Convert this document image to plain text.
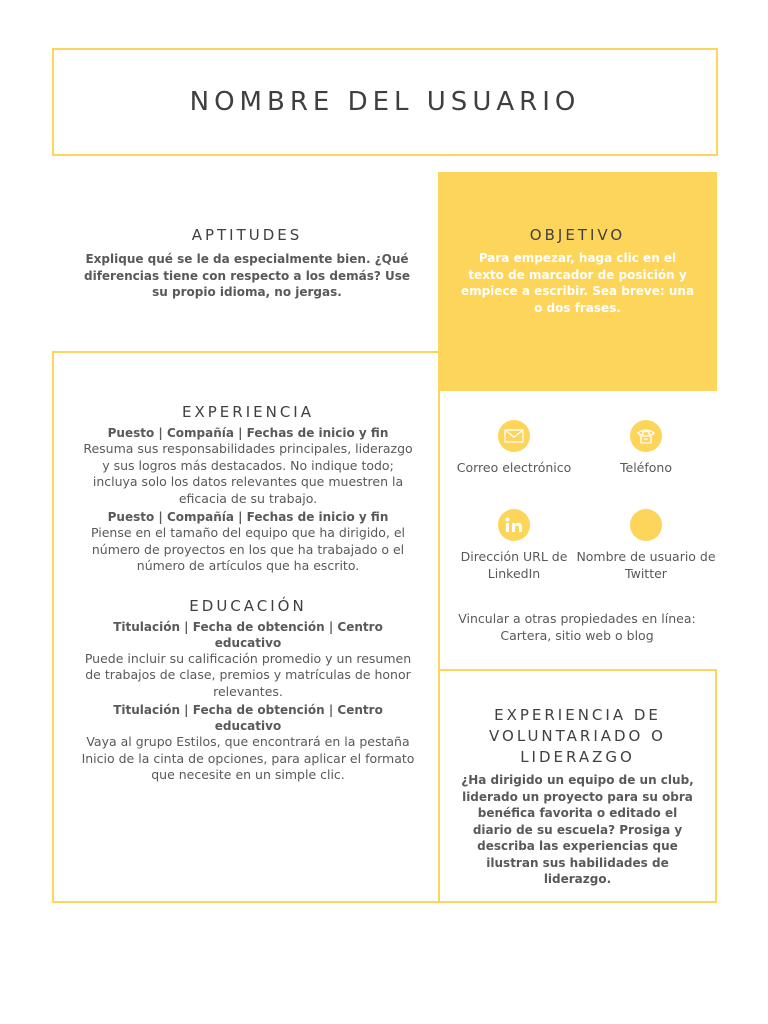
NOMBRE DEL USUARIO
APTITUDES

Explique qué se le da especialmente bien. ¿Qué diferencias tiene con respecto a los demás? Use su propio idioma, no jergas.

OBJETIVO

Para empezar, haga clic en el texto de marcador de posición y empiece a escribir. Sea breve: una o dos frases.

EXPERIENCIA

Puesto | Compañía | Fechas de inicio y fin

Resuma sus responsabilidades principales, liderazgo y sus logros más destacados. No indique todo; incluya solo los datos relevantes que muestren la eficacia de su trabajo.

Puesto | Compañía | Fechas de inicio y fin

Piense en el tamaño del equipo que ha dirigido, el número de proyectos en los que ha trabajado o el número de artículos que ha escrito.

EDUCACIÓN

Titulación | Fecha de obtención | Centro educativo

Puede incluir su calificación promedio y un resumen de trabajos de clase, premios y matrículas de honor relevantes.

Titulación | Fecha de obtención | Centro educativo

Vaya al grupo Estilos, que encontrará en la pestaña Inicio de la cinta de opciones, para aplicar el formato que necesite en un simple clic.

Correo electrónico	Teléfono
Dirección URL de LinkedIn
Nombre de usuario de Twitter

Vincular a otras propiedades en línea: Cartera, sitio web o blog

EXPERIENCIA DE VOLUNTARIADO O LIDERAZGO

¿Ha dirigido un equipo de un club, liderado un proyecto para su obra benéfica favorita o editado el diario de su escuela? Prosiga y describa las experiencias que ilustran sus habilidades de liderazgo.
